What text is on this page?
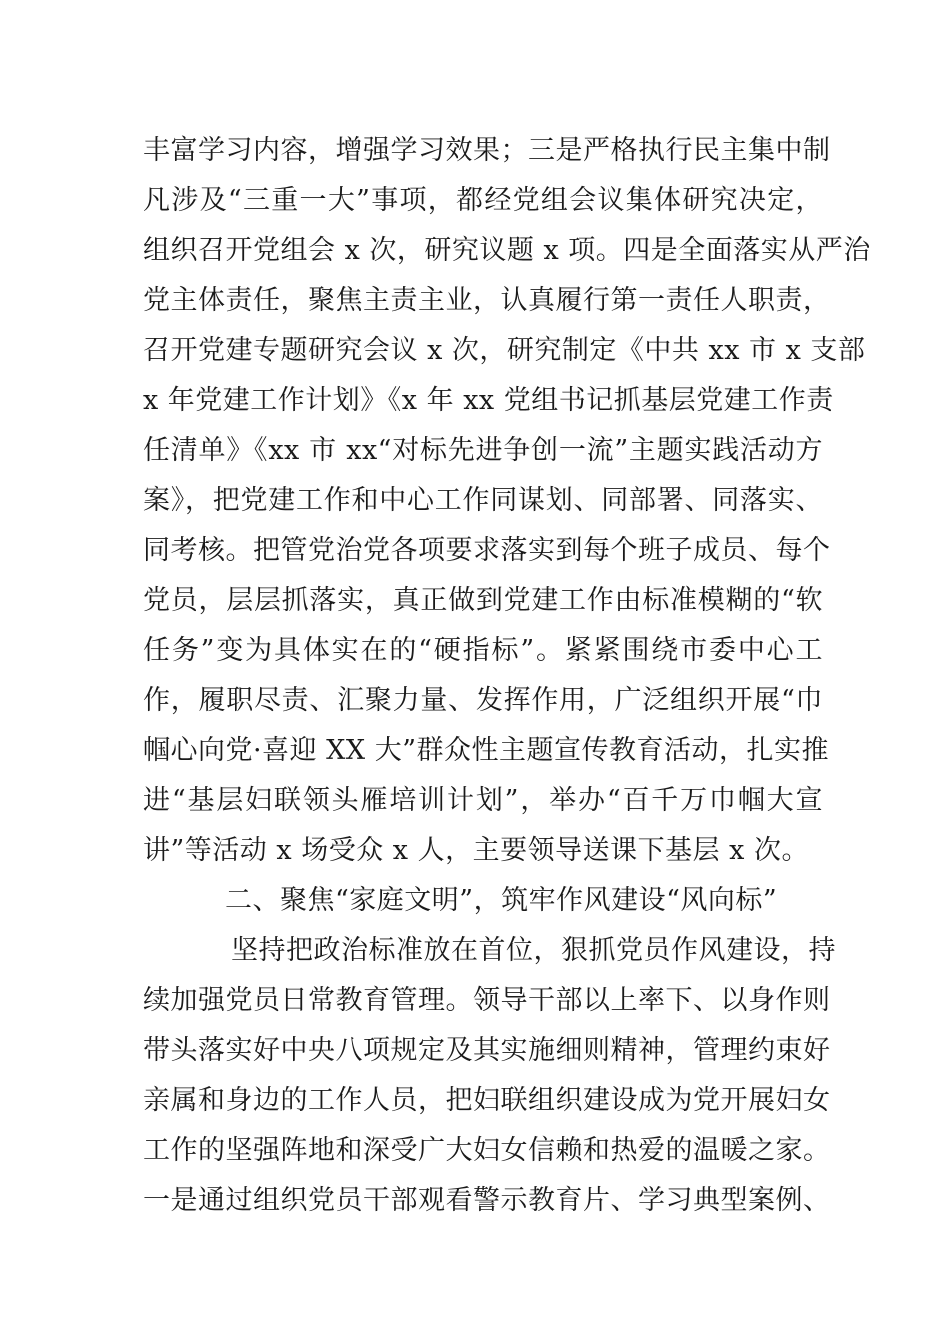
丰富学习内容，增强学习效果；三是严格执行民主集中制
凡涉及“三重一大”事项，都经党组会议集体研究决定，
组织召开党组会 x 次，研究议题 x 项。四是全面落实从严治
党主体责任，聚焦主责主业，认真履行第一责任人职责，
召开党建专题研究会议 x 次，研究制定《中共 xx 市 x 支部
x 年党建工作计划》《x 年 xx 党组书记抓基层党建工作责
任清单》《xx 市 xx“对标先进争创一流”主题实践活动方
案》，把党建工作和中心工作同谋划、同部署、同落实、
同考核。把管党治党各项要求落实到每个班子成员、每个
党员，层层抓落实，真正做到党建工作由标准模糊的“软
任务”变为具体实在的“硬指标”。紧紧围绕市委中心工
作，履职尽责、汇聚力量、发挥作用，广泛组织开展“巾
帼心向党·喜迎 XX 大”群众性主题宣传教育活动，扎实推
进“基层妇联领头雁培训计划”，举办“百千万巾帼大宣
讲”等活动 x 场受众 x 人，主要领导送课下基层 x 次。
二、聚焦“家庭文明”，筑牢作风建设“风向标”
坚持把政治标准放在首位，狠抓党员作风建设，持
续加强党员日常教育管理。领导干部以上率下、以身作则
带头落实好中央八项规定及其实施细则精神，管理约束好
亲属和身边的工作人员，把妇联组织建设成为党开展妇女
工作的坚强阵地和深受广大妇女信赖和热爱的温暖之家。
一是通过组织党员干部观看警示教育片、学习典型案例、
